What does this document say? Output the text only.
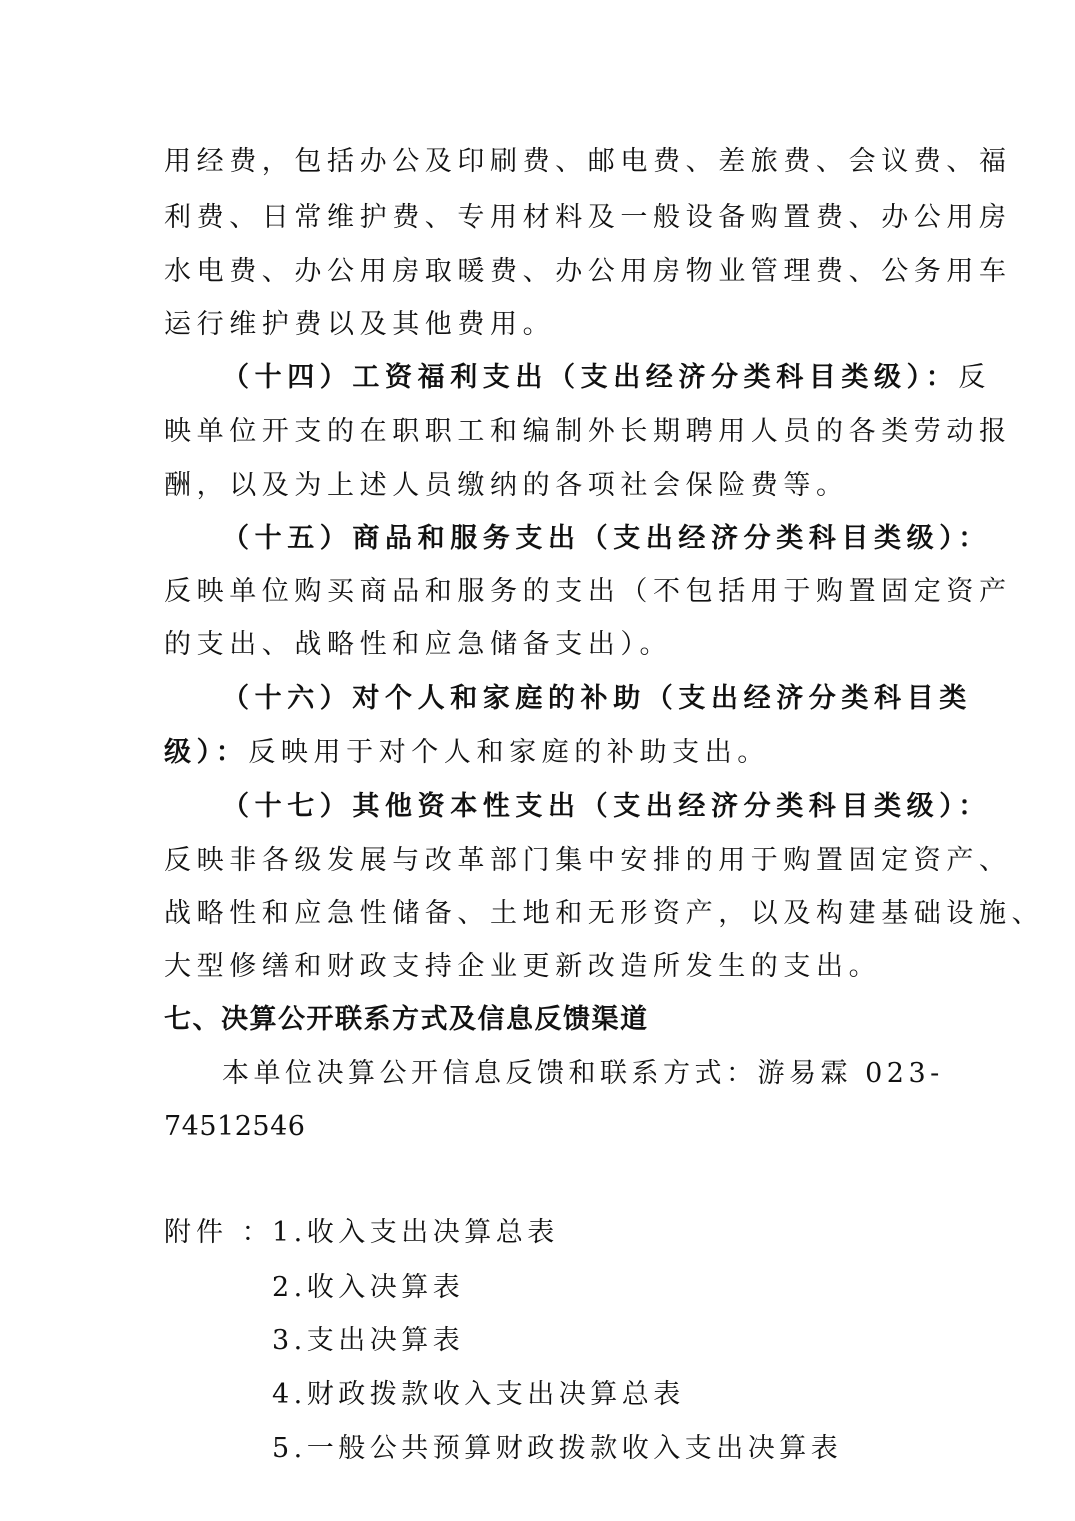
用经费，包括办公及印刷费、邮电费、差旅费、会议费、福
利费、日常维护费、专用材料及一般设备购置费、办公用房
水电费、办公用房取暖费、办公用房物业管理费、公务用车
运行维护费以及其他费用。
（十四）工资福利支出（支出经济分类科目类级）：反
映单位开支的在职职工和编制外长期聘用人员的各类劳动报
酬，以及为上述人员缴纳的各项社会保险费等。
（十五）商品和服务支出（支出经济分类科目类级）：
反映单位购买商品和服务的支出（不包括用于购置固定资产
的支出、战略性和应急储备支出）。
（十六）对个人和家庭的补助（支出经济分类科目类
级）：反映用于对个人和家庭的补助支出。
（十七）其他资本性支出（支出经济分类科目类级）：
反映非各级发展与改革部门集中安排的用于购置固定资产、
战略性和应急性储备、土地和无形资产，以及构建基础设施、
大型修缮和财政支持企业更新改造所发生的支出。
七、决算公开联系方式及信息反馈渠道
本单位决算公开信息反馈和联系方式：游易霖 023-
74512546
附件 ：
1.收入支出决算总表
2.收入决算表
3.支出决算表
4.财政拨款收入支出决算总表
5.一般公共预算财政拨款收入支出决算表
